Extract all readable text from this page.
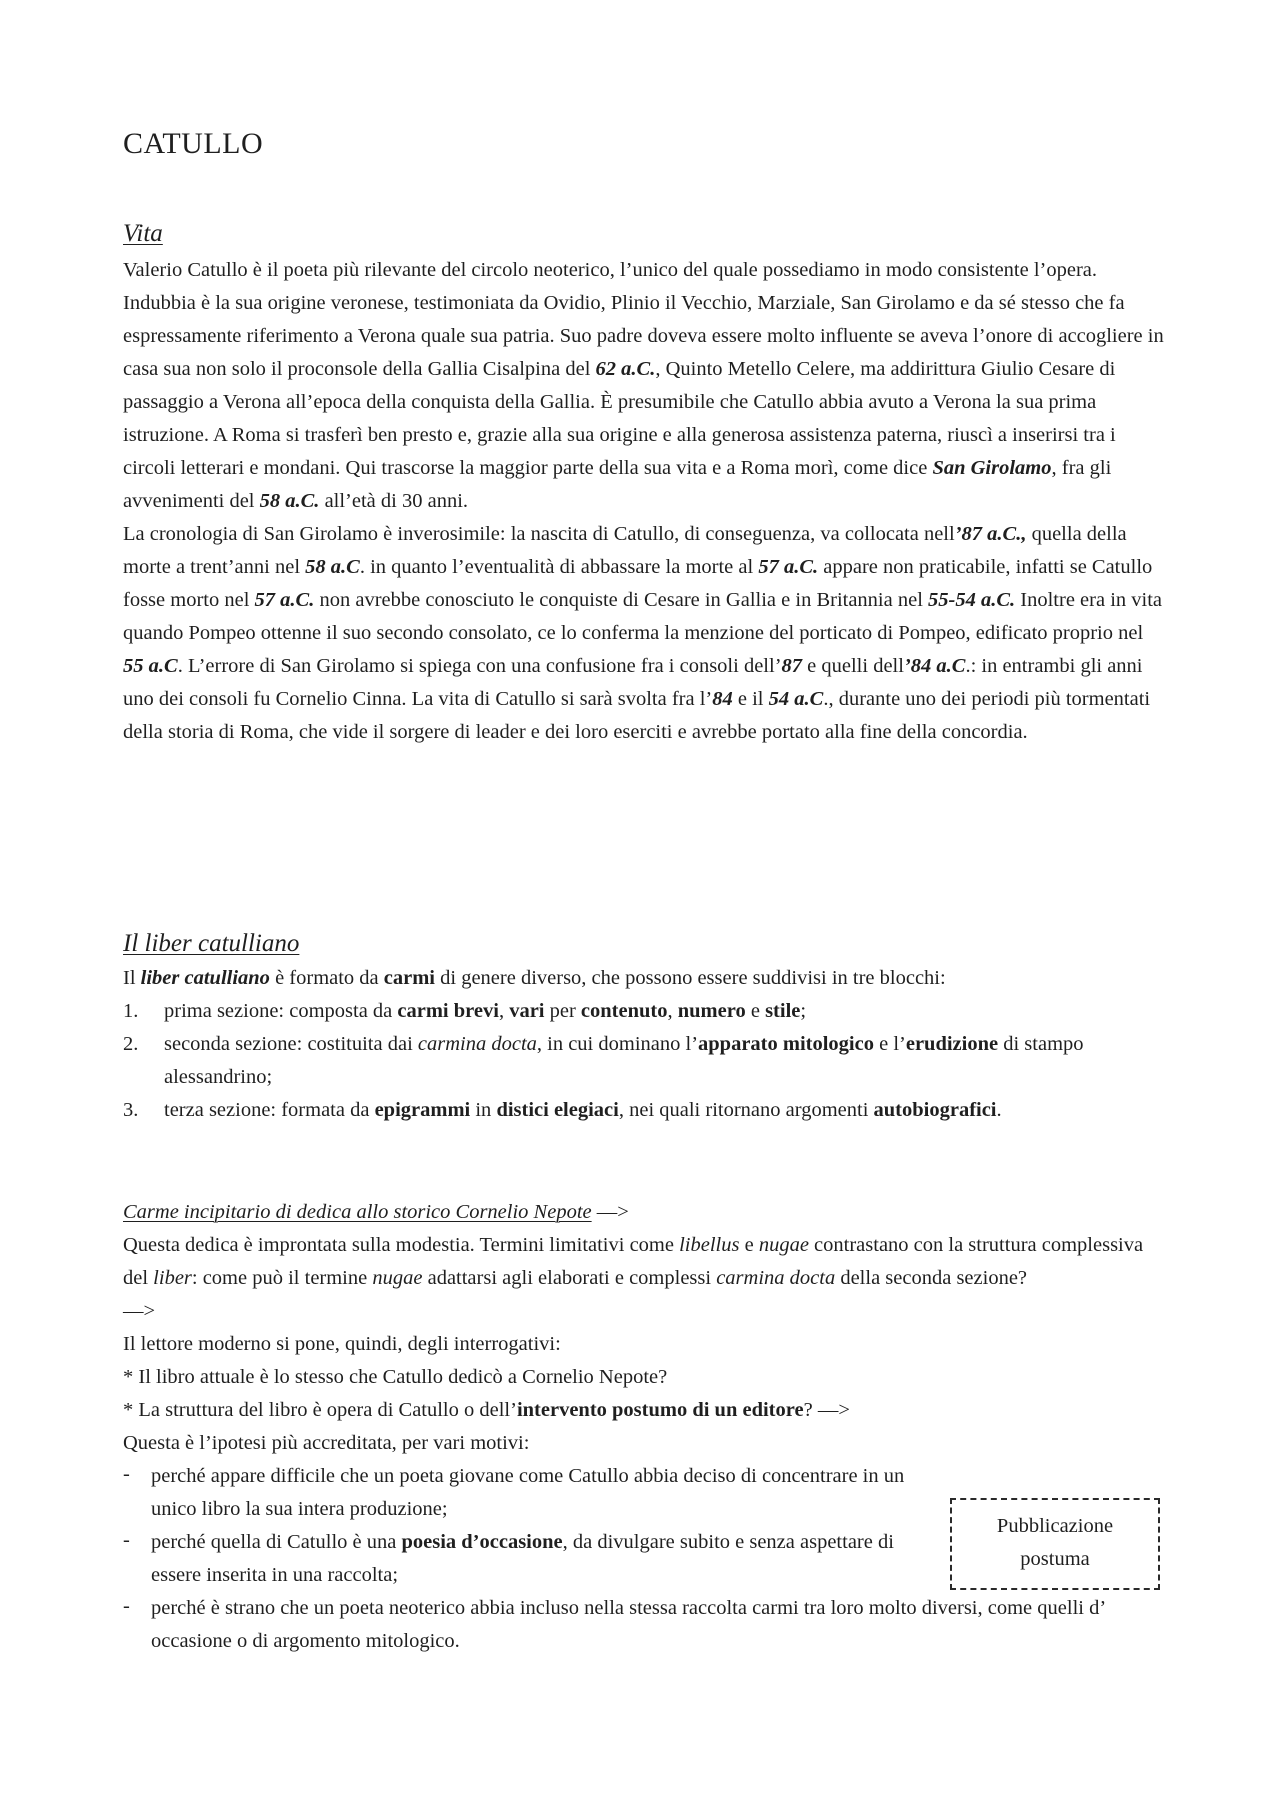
CATULLO
Vita

Valerio Catullo è il poeta più rilevante del circolo neoterico, l’unico del quale possediamo in modo consistente l’opera. Indubbia è la sua origine veronese, testimoniata da Ovidio, Plinio il Vecchio, Marziale, San Girolamo e da sé stesso che fa espressamente riferimento a Verona quale sua patria. Suo padre doveva essere molto influente se aveva l’onore di accogliere in casa sua non solo il proconsole della Gallia Cisalpina del 62 a.C., Quinto Metello Celere, ma addirittura Giulio Cesare di passaggio a Verona all’epoca della conquista della Gallia. È presumibile che Catullo abbia avuto a Verona la sua prima istruzione. A Roma si trasferì ben presto e, grazie alla sua origine e alla generosa assistenza paterna, riuscì a inserirsi tra i circoli letterari e mondani. Qui trascorse la maggior parte della sua vita e a Roma morì, come dice San Girolamo, fra gli avvenimenti del 58 a.C. all’età di 30 anni.

La cronologia di San Girolamo è inverosimile: la nascita di Catullo, di conseguenza, va collocata nell’87 a.C., quella della morte a trent’anni nel 58 a.C. in quanto l’eventualità di abbassare la morte al 57 a.C. appare non praticabile, infatti se Catullo fosse morto nel 57 a.C. non avrebbe conosciuto le conquiste di Cesare in Gallia e in Britannia nel 55-54 a.C. Inoltre era in vita quando Pompeo ottenne il suo secondo consolato, ce lo conferma la menzione del porticato di Pompeo, edificato proprio nel 55 a.C. L’errore di San Girolamo si spiega con una confusione fra i consoli dell’87 e quelli dell’84 a.C.: in entrambi gli anni uno dei consoli fu Cornelio Cinna. La vita di Catullo si sarà svolta fra l’84 e il 54 a.C., durante uno dei periodi più tormentati della storia di Roma, che vide il sorgere di leader e dei loro eserciti e avrebbe portato alla fine della concordia.

Il liber catulliano

Il liber catulliano è formato da carmi di genere diverso, che possono essere suddivisi in tre blocchi:

1. prima sezione: composta da carmi brevi, vari per contenuto, numero e stile;
2. seconda sezione: costituita dai carmina docta, in cui dominano l’apparato mitologico e l’erudizione di stampo alessandrino;
3. terza sezione: formata da epigrammi in distici elegiaci, nei quali ritornano argomenti autobiografici.

Carme incipitario di dedica allo storico Cornelio Nepote —>

Questa dedica è improntata sulla modestia. Termini limitativi come libellus e nugae contrastano con la struttura complessiva del liber: come può il termine nugae adattarsi agli elaborati e complessi carmina docta della seconda sezione?

—>

Il lettore moderno si pone, quindi, degli interrogativi:

* Il libro attuale è lo stesso che Catullo dedicò a Cornelio Nepote?

* La struttura del libro è opera di Catullo o dell’intervento postumo di un editore? —>

Questa è l’ipotesi più accreditata, per vari motivi:

- perché appare difficile che un poeta giovane come Catullo abbia deciso di concentrare in un unico libro la sua intera produzione;
- perché quella di Catullo è una poesia d’occasione, da divulgare subito e senza aspettare di essere inserita in una raccolta;
- perché è strano che un poeta neoterico abbia incluso nella stessa raccolta carmi tra loro molto diversi, come quelli d’ occasione o di argomento mitologico.
Pubblicazione
postuma
